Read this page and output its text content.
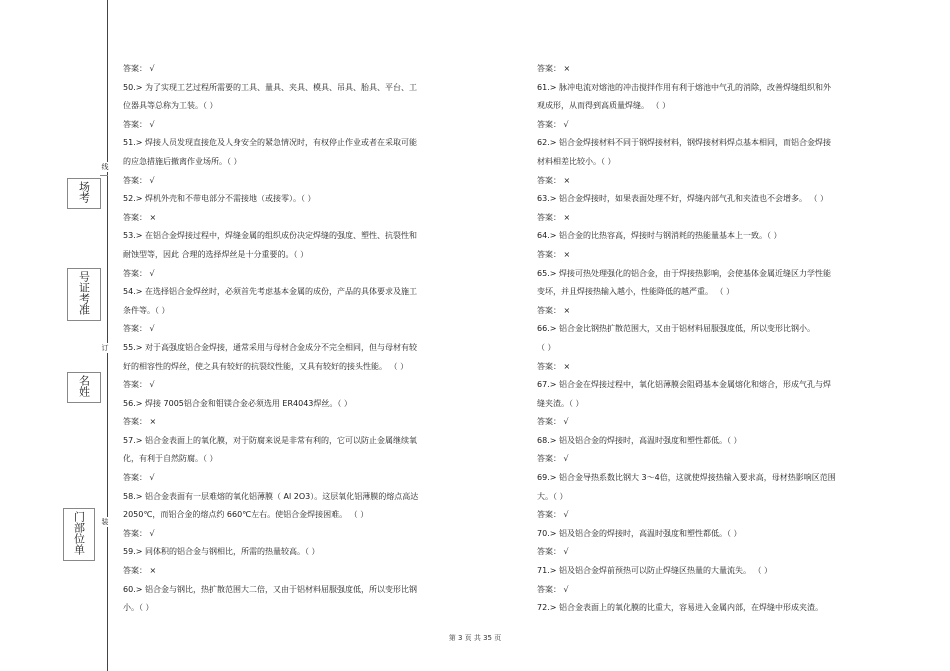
线
订
装
场考
号证考准
名姓
门部位单
答案： √
50.> 为了实现工艺过程所需要的工具、量具、夹具、模具、吊具、胎具、平台、工
位器具等总称为工装。（ ）
答案： √
51.> 焊接人员发现直接危及人身安全的紧急情况时，有权停止作业或者在采取可能
的应急措施后撤离作业场所。（ ）
答案： √
52.> 焊机外壳和不带电部分不需接地（或接零）。（ ）
答案： ×
53.> 在铝合金焊接过程中，焊缝金属的组织成份决定焊缝的强度、塑性、抗裂性和
耐蚀型等，因此 合理的选择焊丝是十分重要的。（ ）
答案： √
54.> 在选择铝合金焊丝时，必须首先考虑基本金属的成份，产品的具体要求及施工
条件等。（ ）
答案： √
55.> 对于高强度铝合金焊接，通常采用与母材合金成分不完全相同，但与母材有较
好的相容性的焊丝，使之具有较好的抗裂纹性能，又具有较好的接头性能。 （ ）
答案： √
56.> 焊接 7005铝合金和钼镁合金必须选用 ER4043焊丝。（ ）
答案： ×
57.> 铝合金表面上的氧化膜，对于防腐来说是非常有利的，它可以防止金属继续氧
化，有利于自然防腐。（ ）
答案： √
58.> 铝合金表面有一层难熔的氧化铝薄膜（ Al 2O3）。这层氧化铝薄膜的熔点高达
2050℃，而铝合金的熔点约 660℃左右。使铝合金焊接困难。 （ ）
答案： √
59.> 同体积的铝合金与钢相比，所需的热量较高。（ ）
答案： ×
60.> 铝合金与钢比，热扩散范围大二倍，又由于铝材料屈服强度低，所以变形比钢
小。（ ）
答案： ×
61.> 脉冲电流对熔池的冲击搅拌作用有利于熔池中气孔的消除，改善焊缝组织和外
观成形，从而得到高质量焊缝。 （ ）
答案： √
62.> 铝合金焊接材料不同于钢焊接材料，钢焊接材料焊点基本相同，而铝合金焊接
材料相差比较小。（ ）
答案： ×
63.> 铝合金焊接时，如果表面处理不好，焊缝内部气孔和夹渣也不会增多。 （ ）
答案： ×
64.> 铝合金的比热容高，焊接时与钢消耗的热能量基本上一致。（ ）
答案： ×
65.> 焊接可热处理强化的铝合金，由于焊接热影响，会使基体金属近缝区力学性能
变坏，并且焊接热输入越小，性能降低的越严重。 （ ）
答案： ×
66.> 铝合金比钢热扩散范围大，又由于铝材料屈服强度低，所以变形比钢小。
（ ）
答案： ×
67.> 铝合金在焊接过程中，氧化铝薄膜会阻碍基本金属熔化和熔合，形成气孔与焊
缝夹渣。（ ）
答案： √
68.> 铝及铝合金的焊接时，高温时强度和塑性都低。（ ）
答案： √
69.> 铝合金导热系数比钢大 3～4倍，这就使焊接热输入要求高，母材热影响区范围
大。（ ）
答案： √
70.> 铝及铝合金的焊接时，高温时强度和塑性都低。（ ）
答案： √
71.> 铝及铝合金焊前预热可以防止焊缝区热量的大量流失。 （ ）
答案： √
72.> 铝合金表面上的氧化膜的比重大，容易进入金属内部，在焊缝中形成夹渣。
第 3 页 共 35 页
